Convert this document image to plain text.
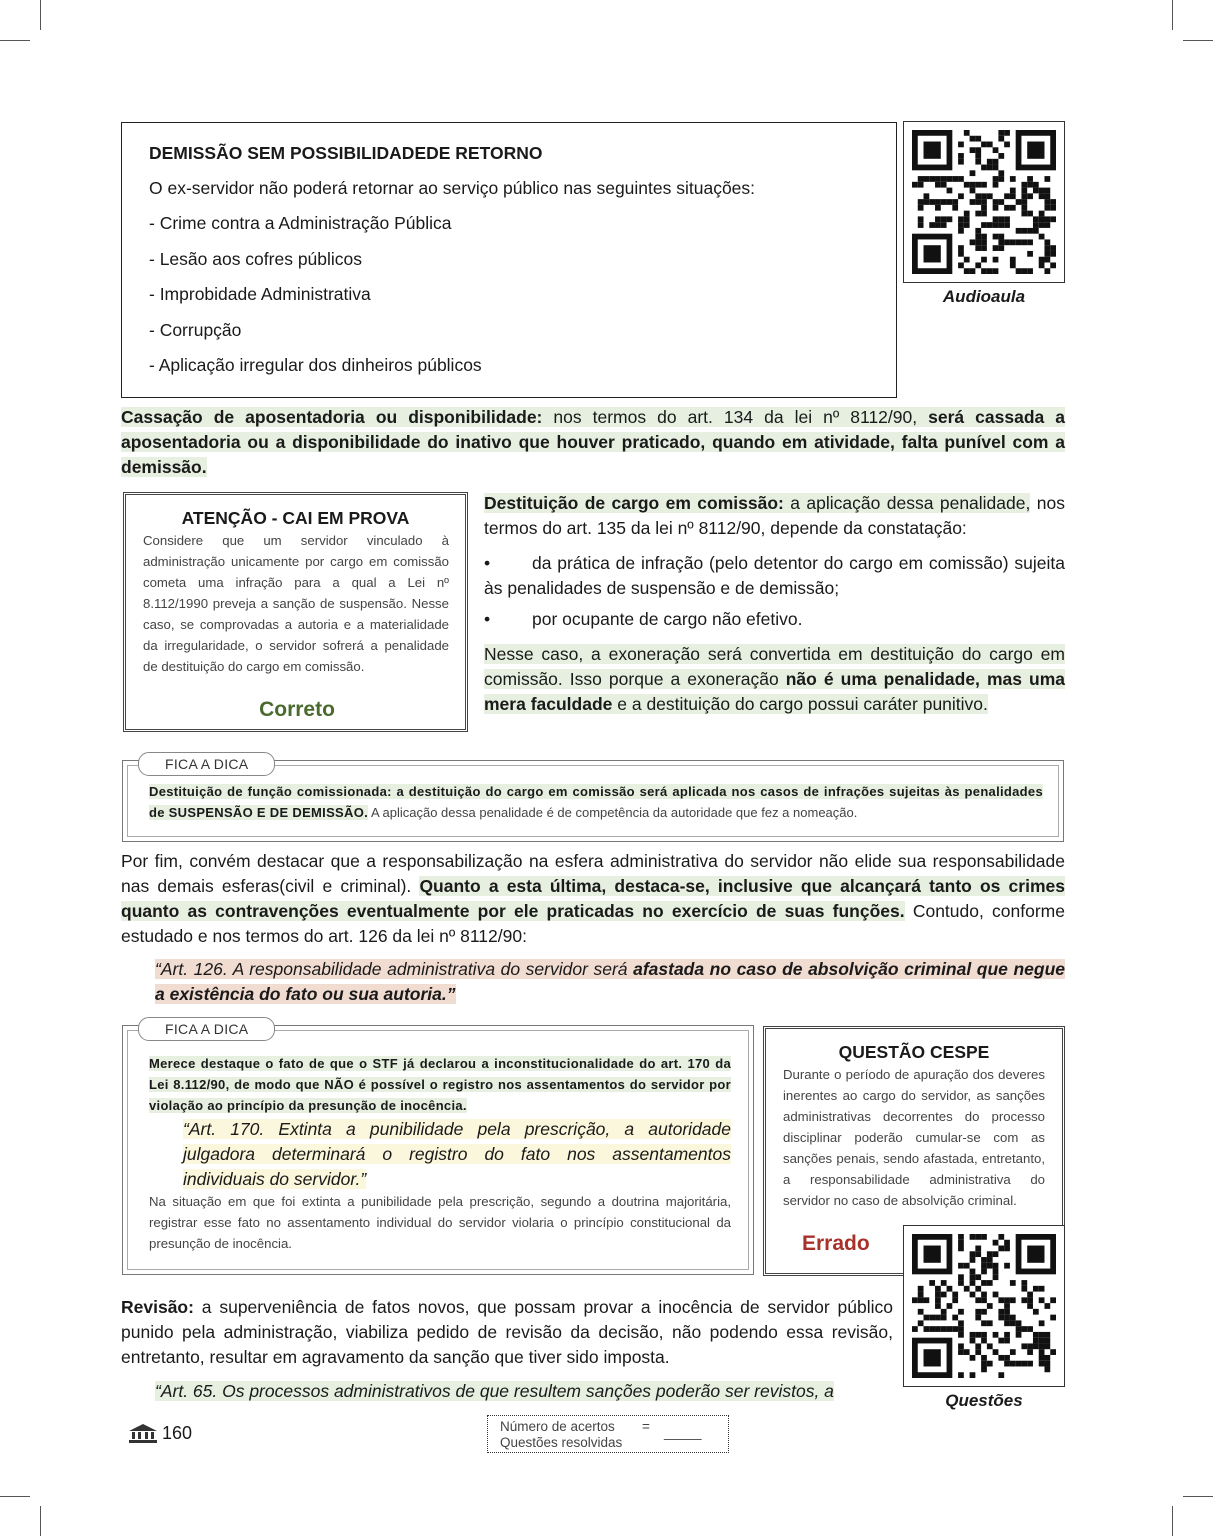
DEMISSÃO SEM POSSIBILIDADEDE RETORNO

O ex-servidor não poderá retornar ao serviço público nas seguintes situações:

- Crime contra a Administração Pública

- Lesão aos cofres públicos

- Improbidade Administrativa

- Corrupção

- Aplicação irregular dos dinheiros públicos

Audioaula

Cassação de aposentadoria ou disponibilidade: nos termos do art. 134 da lei nº 8112/90, será cassada a aposentadoria ou a disponibilidade do inativo que houver praticado, quando em atividade, falta punível com a demissão.

ATENÇÃO - CAI EM PROVA

Considere que um servidor vinculado à administração unicamente por cargo em comissão cometa uma infração para a qual a Lei nº 8.112/1990 preveja a sanção de suspensão. Nesse caso, se comprovadas a autoria e a materialidade da irregularidade, o servidor sofrerá a penalidade de destituição do cargo em comissão.

Correto

Destituição de cargo em comissão: a aplicação dessa penalidade, nos termos do art. 135 da lei nº 8112/90, depende da constatação:
• da prática de infração (pelo detentor do cargo em comissão) sujeita às penalidades de suspensão e de demissão;
• por ocupante de cargo não efetivo.
Nesse caso, a exoneração será convertida em destituição do cargo em comissão. Isso porque a exoneração não é uma penalidade, mas uma mera faculdade e a destituição do cargo possui caráter punitivo.

Destituição de função comissionada: a destituição do cargo em comissão será aplicada nos casos de infrações sujeitas às penalidades de SUSPENSÃO E DE DEMISSÃO. A aplicação dessa penalidade é de competência da autoridade que fez a nomeação.

FICA A DICA
Por fim, convém destacar que a responsabilização na esfera administrativa do servidor não elide sua responsabilidade nas demais esferas(civil e criminal). Quanto a esta última, destaca-se, inclusive que alcançará tanto os crimes quanto as contravenções eventualmente por ele praticadas no exercício de suas funções. Contudo, conforme estudado e nos termos do art. 126 da lei nº 8112/90:
“Art. 126. A responsabilidade administrativa do servidor será afastada no caso de absolvição criminal que negue a existência do fato ou sua autoria.”

Merece destaque o fato de que o STF já declarou a inconstitucionalidade do art. 170 da Lei 8.112/90, de modo que NÃO é possível o registro nos assentamentos do servidor por violação ao princípio da presunção de inocência.

“Art. 170. Extinta a punibilidade pela prescrição, a autoridade julgadora determinará o registro do fato nos assentamentos individuais do servidor.”

Na situação em que foi extinta a punibilidade pela prescrição, segundo a doutrina majoritária, registrar esse fato no assentamento individual do servidor violaria o princípio constitucional da presunção de inocência.

FICA A DICA

QUESTÃO CESPE

Durante o período de apuração dos deveres inerentes ao cargo do servidor, as sanções administrativas decorrentes do processo disciplinar poderão cumular-se com as sanções penais, sendo afastada, entretanto, a responsabilidade administrativa do servidor no caso de absolvição criminal.

Errado

Questões

Revisão: a superveniência de fatos novos, que possam provar a inocência de servidor público punido pela administração, viabiliza pedido de revisão da decisão, não podendo essa revisão, entretanto, resultar em agravamento da sanção que tiver sido imposta.
“Art. 65. Os processos administrativos de que resultem sanções poderão ser revistos, a

160	Número de acertos = _____
Questões resolvidas
